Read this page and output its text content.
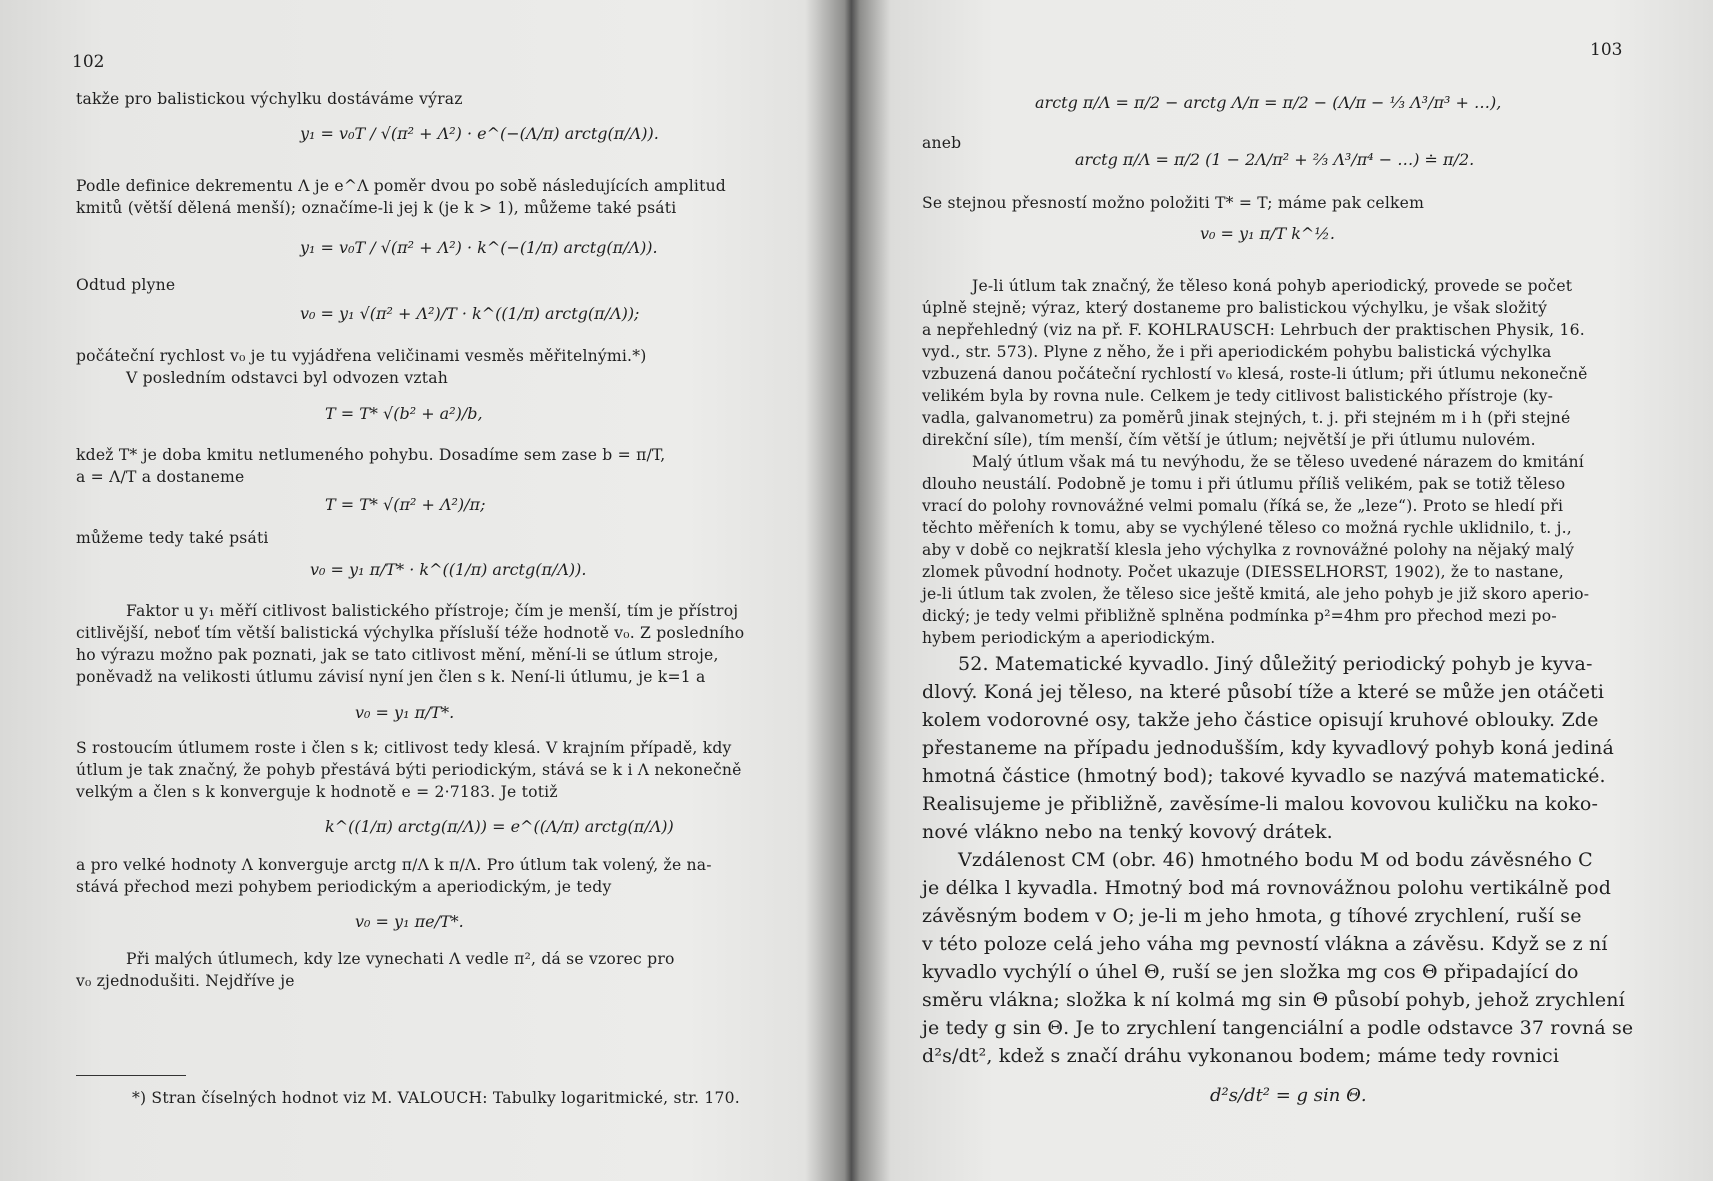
102
takže pro balistickou výchylku dostáváme výraz
y₁ = v₀T / √(π² + Λ²) · e^(−(Λ/π) arctg(π/Λ)).
Podle definice dekrementu Λ je e^Λ poměr dvou po sobě následujících amplitud
kmitů (větší dělená menší); označíme-li jej k (je k > 1), můžeme také psáti
y₁ = v₀T / √(π² + Λ²) · k^(−(1/π) arctg(π/Λ)).
Odtud plyne
v₀ = y₁ √(π² + Λ²)/T · k^((1/π) arctg(π/Λ));
počáteční rychlost v₀ je tu vyjádřena veličinami vesměs měřitelnými.*)
V posledním odstavci byl odvozen vztah
T = T* √(b² + a²)/b,
kdež T* je doba kmitu netlumeného pohybu. Dosadíme sem zase b = π/T,
a = Λ/T a dostaneme
T = T* √(π² + Λ²)/π;
můžeme tedy také psáti
v₀ = y₁ π/T* · k^((1/π) arctg(π/Λ)).
Faktor u y₁ měří citlivost balistického přístroje; čím je menší, tím je přístroj
citlivější, neboť tím větší balistická výchylka přísluší téže hodnotě v₀. Z posledního
ho výrazu možno pak poznati, jak se tato citlivost mění, mění-li se útlum stroje,
poněvadž na velikosti útlumu závisí nyní jen člen s k. Není-li útlumu, je k=1 a
v₀ = y₁ π/T*.
S rostoucím útlumem roste i člen s k; citlivost tedy klesá. V krajním případě, kdy
útlum je tak značný, že pohyb přestává býti periodickým, stává se k i Λ nekonečně
velkým a člen s k konverguje k hodnotě e = 2·7183. Je totiž
k^((1/π) arctg(π/Λ)) = e^((Λ/π) arctg(π/Λ))
a pro velké hodnoty Λ konverguje arctg π/Λ k π/Λ. Pro útlum tak volený, že na-
stává přechod mezi pohybem periodickým a aperiodickým, je tedy
v₀ = y₁ πe/T*.
Při malých útlumech, kdy lze vynechati Λ vedle π², dá se vzorec pro
v₀ zjednodušiti. Nejdříve je
*) Stran číselných hodnot viz M. VALOUCH: Tabulky logaritmické, str. 170.
103
arctg π/Λ = π/2 − arctg Λ/π = π/2 − (Λ/π − ⅓ Λ³/π³ + …),
aneb
arctg π/Λ = π/2 (1 − 2Λ/π² + ⅔ Λ³/π⁴ − …) ≐ π/2.
Se stejnou přesností možno položiti T* = T; máme pak celkem
v₀ = y₁ π/T k^½.
Je-li útlum tak značný, že těleso koná pohyb aperiodický, provede se počet
úplně stejně; výraz, který dostaneme pro balistickou výchylku, je však složitý
a nepřehledný (viz na př. F. KOHLRAUSCH: Lehrbuch der praktischen Physik, 16.
vyd., str. 573). Plyne z něho, že i při aperiodickém pohybu balistická výchylka
vzbuzená danou počáteční rychlostí v₀ klesá, roste-li útlum; při útlumu nekonečně
velikém byla by rovna nule. Celkem je tedy citlivost balistického přístroje (ky-
vadla, galvanometru) za poměrů jinak stejných, t. j. při stejném m i h (při stejné
direkční síle), tím menší, čím větší je útlum; největší je při útlumu nulovém.
Malý útlum však má tu nevýhodu, že se těleso uvedené nárazem do kmitání
dlouho neustálí. Podobně je tomu i při útlumu příliš velikém, pak se totiž těleso
vrací do polohy rovnovážné velmi pomalu (říká se, že „leze“). Proto se hledí při
těchto měřeních k tomu, aby se vychýlené těleso co možná rychle uklidnilo, t. j.,
aby v době co nejkratší klesla jeho výchylka z rovnovážné polohy na nějaký malý
zlomek původní hodnoty. Počet ukazuje (DIESSELHORST, 1902), že to nastane,
je-li útlum tak zvolen, že těleso sice ještě kmitá, ale jeho pohyb je již skoro aperio-
dický; je tedy velmi přibližně splněna podmínka p²=4hm pro přechod mezi po-
hybem periodickým a aperiodickým.
52. Matematické kyvadlo. Jiný důležitý periodický pohyb je kyva-
dlový. Koná jej těleso, na které působí tíže a které se může jen otáčeti
kolem vodorovné osy, takže jeho částice opisují kruhové oblouky. Zde
přestaneme na případu jednodušším, kdy kyvadlový pohyb koná jediná
hmotná částice (hmotný bod); takové kyvadlo se nazývá matematické.
Realisujeme je přibližně, zavěsíme-li malou kovovou kuličku na koko-
nové vlákno nebo na tenký kovový drátek.
Vzdálenost CM (obr. 46) hmotného bodu M od bodu závěsného C
je délka l kyvadla. Hmotný bod má rovnovážnou polohu vertikálně pod
závěsným bodem v O; je-li m jeho hmota, g tíhové zrychlení, ruší se
v této poloze celá jeho váha mg pevností vlákna a závěsu. Když se z ní
kyvadlo vychýlí o úhel Θ, ruší se jen složka mg cos Θ připadající do
směru vlákna; složka k ní kolmá mg sin Θ působí pohyb, jehož zrychlení
je tedy g sin Θ. Je to zrychlení tangenciální a podle odstavce 37 rovná se
d²s/dt², kdež s značí dráhu vykonanou bodem; máme tedy rovnici
d²s/dt² = g sin Θ.
